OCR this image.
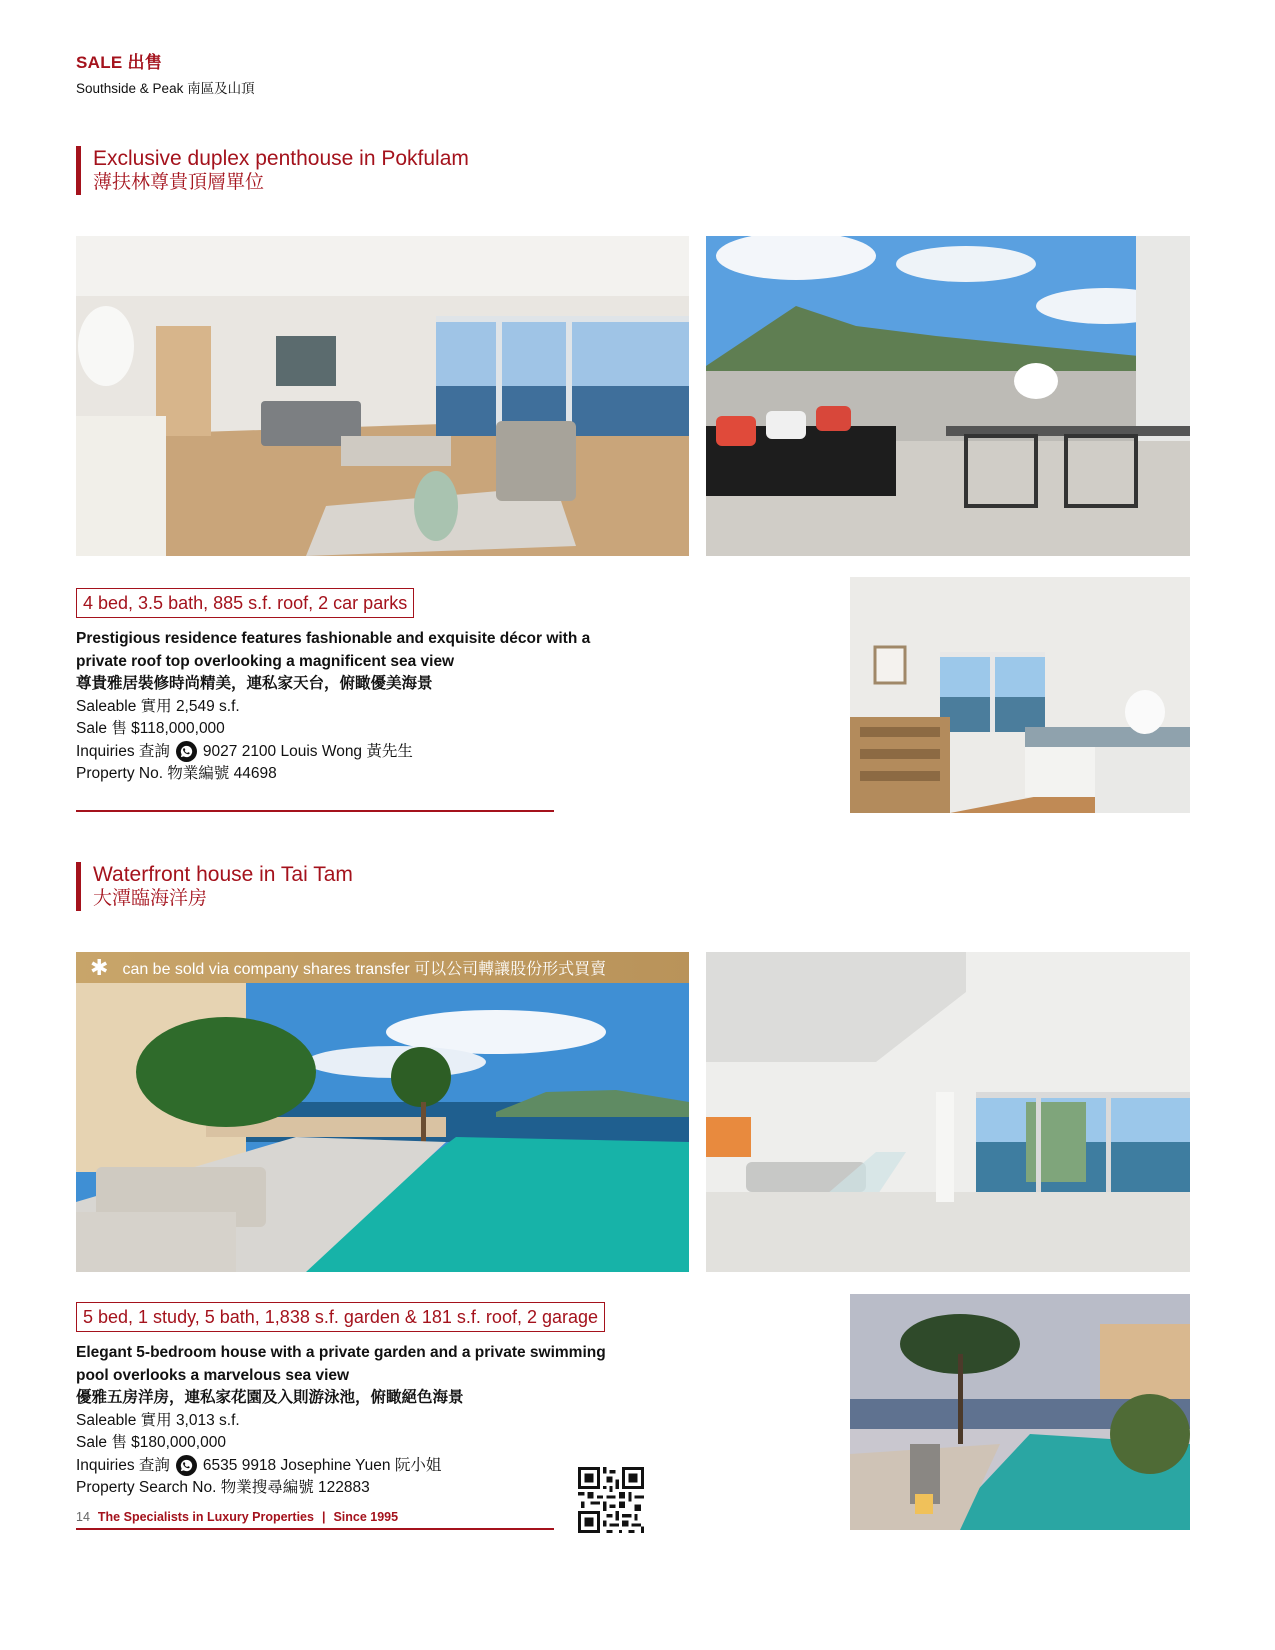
SALE 出售
Southside & Peak 南區及山頂
Exclusive duplex penthouse in Pokfulam
薄扶林尊貴頂層單位
4 bed, 3.5 bath, 885 s.f. roof, 2 car parks
Prestigious residence features fashionable and exquisite décor with a
private roof top overlooking a magnificent sea view
尊貴雅居裝修時尚精美，連私家天台，俯瞰優美海景
Saleable 實用 2,549 s.f.
Sale 售 $118,000,000
Inquiries 查詢 9027 2100 Louis Wong 黃先生
Property No. 物業編號 44698
Waterfront house in Tai Tam
大潭臨海洋房
✱ can be sold via company shares transfer 可以公司轉讓股份形式買賣
5 bed, 1 study, 5 bath, 1,838 s.f. garden & 181 s.f. roof, 2 garage
Elegant 5-bedroom house with a private garden and a private swimming
pool overlooks a marvelous sea view
優雅五房洋房，連私家花園及入則游泳池，俯瞰絕色海景
Saleable 實用 3,013 s.f.
Sale 售 $180,000,000
Inquiries 查詢 6535 9918 Josephine Yuen 阮小姐
Property Search No. 物業搜尋編號 122883
14 The Specialists in Luxury Properties | Since 1995
